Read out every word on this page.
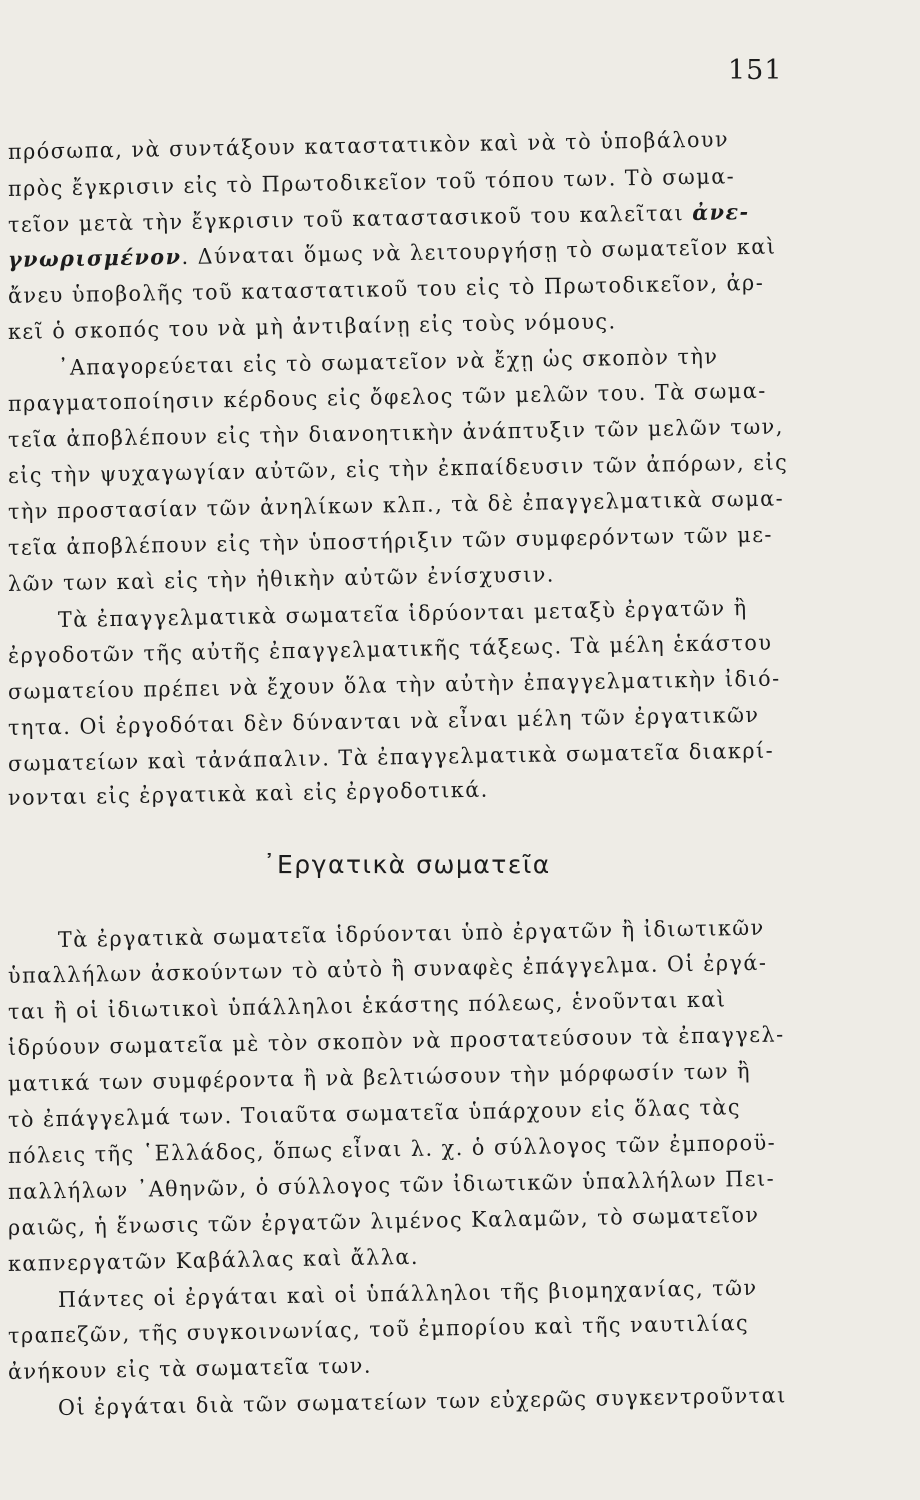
151
πρόσωπα, νὰ συντάξουν καταστατικὸν καὶ νὰ τὸ ὑποβάλουν
πρὸς ἔγκρισιν εἰς τὸ Πρωτοδικεῖον τοῦ τόπου των. Τὸ σωμα-
τεῖον μετὰ τὴν ἔγκρισιν τοῦ καταστασικοῦ του καλεῖται ἀνε-
γνωρισμένον. Δύναται ὅμως νὰ λειτουργήσῃ τὸ σωματεῖον καὶ
ἄνευ ὑποβολῆς τοῦ καταστατικοῦ του εἰς τὸ Πρωτοδικεῖον, ἀρ-
κεῖ ὁ σκοπός του νὰ μὴ ἀντιβαίνῃ εἰς τοὺς νόμους.
᾿Απαγορεύεται εἰς τὸ σωματεῖον νὰ ἔχῃ ὡς σκοπὸν τὴν
πραγματοποίησιν κέρδους εἰς ὄφελος τῶν μελῶν του. Τὰ σωμα-
τεῖα ἀποβλέπουν εἰς τὴν διανοητικὴν ἀνάπτυξιν τῶν μελῶν των,
εἰς τὴν ψυχαγωγίαν αὐτῶν, εἰς τὴν ἐκπαίδευσιν τῶν ἀπόρων, εἰς
τὴν προστασίαν τῶν ἀνηλίκων κλπ., τὰ δὲ ἐπαγγελματικὰ σωμα-
τεῖα ἀποβλέπουν εἰς τὴν ὑποστήριξιν τῶν συμφερόντων τῶν με-
λῶν των καὶ εἰς τὴν ἠθικὴν αὐτῶν ἐνίσχυσιν.
Τὰ ἐπαγγελματικὰ σωματεῖα ἱδρύονται μεταξὺ ἐργατῶν ἢ
ἐργοδοτῶν τῆς αὐτῆς ἐπαγγελματικῆς τάξεως. Τὰ μέλη ἑκάστου
σωματείου πρέπει νὰ ἔχουν ὅλα τὴν αὐτὴν ἐπαγγελματικὴν ἰδιό-
τητα. Οἱ ἐργοδόται δὲν δύνανται νὰ εἶναι μέλη τῶν ἐργατικῶν
σωματείων καὶ τἀνάπαλιν. Τὰ ἐπαγγελματικὰ σωματεῖα διακρί-
νονται εἰς ἐργατικὰ καὶ εἰς ἐργοδοτικά.
᾿Εργατικὰ σωματεῖα
Τὰ ἐργατικὰ σωματεῖα ἱδρύονται ὑπὸ ἐργατῶν ἢ ἰδιωτικῶν
ὑπαλλήλων ἀσκούντων τὸ αὐτὸ ἢ συναφὲς ἐπάγγελμα. Οἱ ἐργά-
ται ἢ οἱ ἰδιωτικοὶ ὑπάλληλοι ἑκάστης πόλεως, ἑνοῦνται καὶ
ἱδρύουν σωματεῖα μὲ τὸν σκοπὸν νὰ προστατεύσουν τὰ ἐπαγγελ-
ματικά των συμφέροντα ἢ νὰ βελτιώσουν τὴν μόρφωσίν των ἢ
τὸ ἐπάγγελμά των. Τοιαῦτα σωματεῖα ὑπάρχουν εἰς ὅλας τὰς
πόλεις τῆς ῾Ελλάδος, ὅπως εἶναι λ. χ. ὁ σύλλογος τῶν ἐμποροϋ-
παλλήλων ᾿Αθηνῶν, ὁ σύλλογος τῶν ἰδιωτικῶν ὑπαλλήλων Πει-
ραιῶς, ἡ ἕνωσις τῶν ἐργατῶν λιμένος Καλαμῶν, τὸ σωματεῖον
καπνεργατῶν Καβάλλας καὶ ἄλλα.
Πάντες οἱ ἐργάται καὶ οἱ ὑπάλληλοι τῆς βιομηχανίας, τῶν
τραπεζῶν, τῆς συγκοινωνίας, τοῦ ἐμπορίου καὶ τῆς ναυτιλίας
ἀνήκουν εἰς τὰ σωματεῖα των.
Οἱ ἐργάται διὰ τῶν σωματείων των εὐχερῶς συγκεντροῦνται
